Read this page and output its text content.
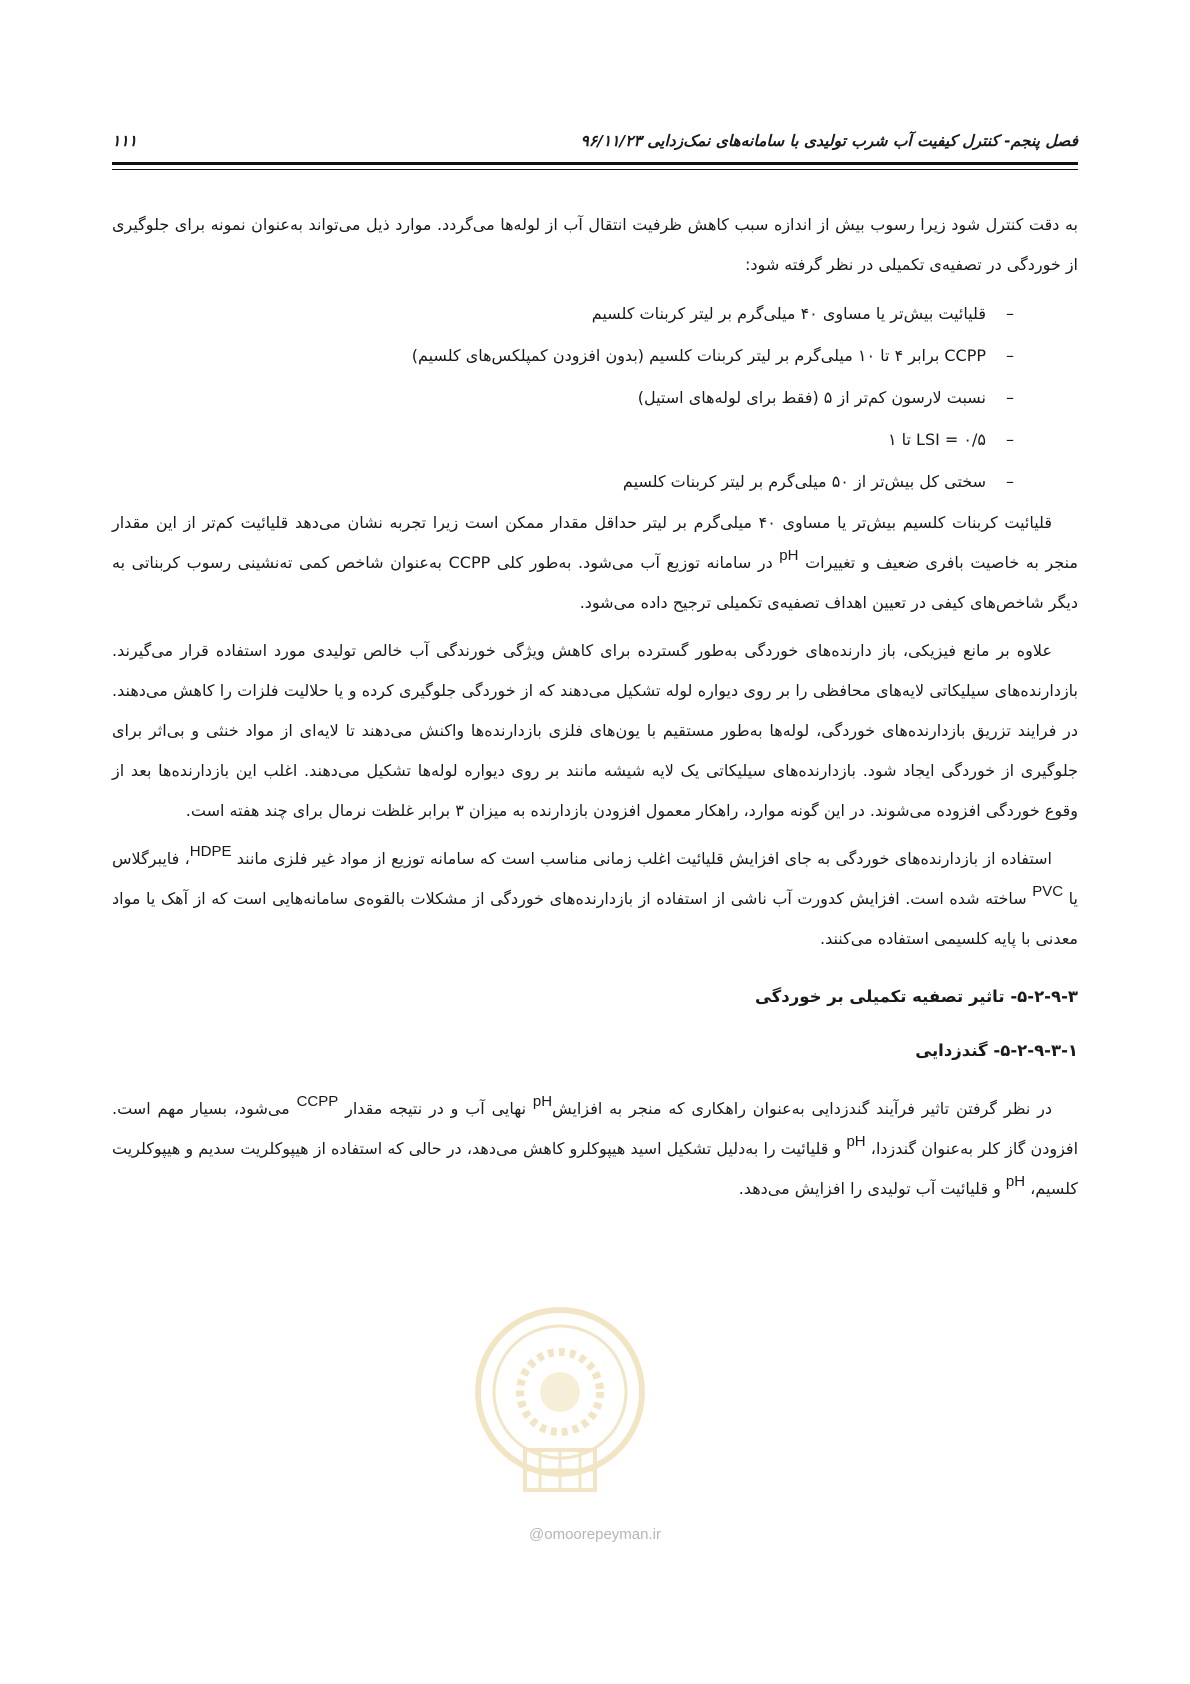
فصل پنجم- کنترل کیفیت آب شرب تولیدی با سامانه‌های نمک‌زدایی ۹۶/۱۱/۲۳
۱۱۱

به دقت کنترل شود زیرا رسوب بیش از اندازه سبب کاهش ظرفیت انتقال آب از لوله‌ها می‌گردد. موارد ذیل می‌تواند به‌عنوان نمونه برای جلوگیری از خوردگی در تصفیه‌ی تکمیلی در نظر گرفته شود:

–
قلیائیت بیش‌تر یا مساوی ۴۰ میلی‌گرم بر لیتر کربنات کلسیم
–
CCPP برابر ۴ تا ۱۰ میلی‌گرم بر لیتر کربنات کلسیم (بدون افزودن کمپلکس‌های کلسیم)
–
نسبت لارسون کم‌تر از ۵ (فقط برای لوله‌های استیل)
–
LSI = ۰/۵ تا ۱
–
سختی کل بیش‌تر از ۵۰ میلی‌گرم بر لیتر کربنات کلسیم

قلیائیت کربنات کلسیم بیش‌تر یا مساوی ۴۰ میلی‌گرم بر لیتر حداقل مقدار ممکن است زیرا تجربه نشان می‌دهد قلیائیت کم‌تر از این مقدار منجر به خاصیت بافری ضعیف و تغییرات $^{pH}$ در سامانه توزیع آب می‌شود. به‌طور کلی CCPP به‌عنوان شاخص کمی ته‌نشینی رسوب کربناتی به دیگر شاخص‌های کیفی در تعیین اهداف تصفیه‌ی تکمیلی ترجیح داده می‌شود.

علاوه بر مانع فیزیکی، باز دارنده‌های خوردگی به‌طور گسترده برای کاهش ویژگی خورندگی آب خالص تولیدی مورد استفاده قرار می‌گیرند. بازدارنده‌های سیلیکاتی لایه‌های محافظی را بر روی دیواره لوله تشکیل می‌دهند که از خوردگی جلوگیری کرده و یا حلالیت فلزات را کاهش می‌دهند. در فرایند تزریق بازدارنده‌های خوردگی، لوله‌ها به‌طور مستقیم با یون‌های فلزی بازدارنده‌ها واکنش می‌دهند تا لایه‌ای از مواد خنثی و بی‌اثر برای جلوگیری از خوردگی ایجاد شود. بازدارنده‌های سیلیکاتی یک لایه شیشه مانند بر روی دیواره لوله‌ها تشکیل می‌دهند. اغلب این بازدارنده‌ها بعد از وقوع خوردگی افزوده می‌شوند. در این گونه موارد، راهکار معمول افزودن بازدارنده به میزان ۳ برابر غلظت نرمال برای چند هفته است.

استفاده از بازدارنده‌های خوردگی به جای افزایش قلیائیت اغلب زمانی مناسب است که سامانه توزیع از مواد غیر فلزی مانند $^{HDPE}$، فایبرگلاس یا $^{PVC}$ ساخته شده است. افزایش کدورت آب ناشی از استفاده از بازدارنده‌های خوردگی از مشکلات بالقوه‌ی سامانه‌هایی است که از آهک یا مواد معدنی با پایه کلسیمی استفاده می‌کنند.

۵-۲-۹-۳- تاثیر تصفیه تکمیلی بر خوردگی
۵-۲-۹-۳-۱- گندزدایی

در نظر گرفتن تاثیر فرآیند گندزدایی به‌عنوان راهکاری که منجر به افزایش$^{pH}$ نهایی آب و در نتیجه مقدار $^{CCPP}$ می‌شود، بسیار مهم است. افزودن گاز کلر به‌عنوان گندزدا، $^{pH}$ و قلیائیت را به‌دلیل تشکیل اسید هیپوکلرو کاهش می‌دهد، در حالی که استفاده از هیپوکلریت سدیم و هیپوکلریت کلسیم، $^{pH}$ و قلیائیت آب تولیدی را افزایش می‌دهد.

@omoorepeyman.ir
